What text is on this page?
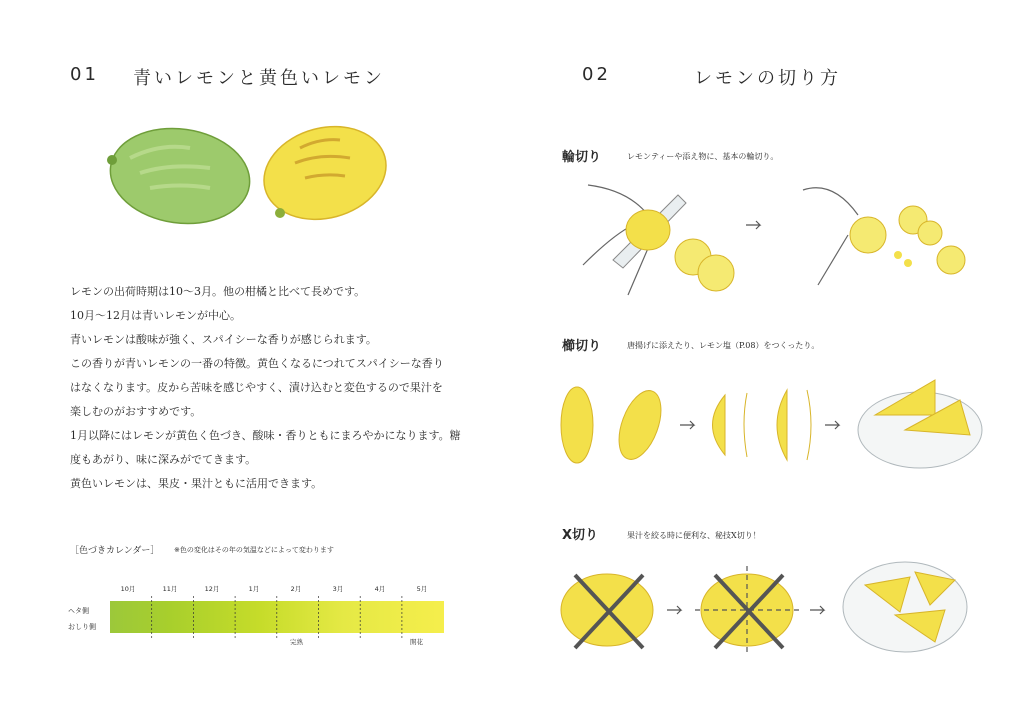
01 青いレモンと黄色いレモン
レモンの出荷時期は10〜3月。他の柑橘と比べて長めです。
10月〜12月は青いレモンが中心。
青いレモンは酸味が強く、スパイシーな香りが感じられます。
この香りが青いレモンの一番の特徴。黄色くなるにつれてスパイシーな香り
はなくなります。皮から苦味を感じやすく、漬け込むと変色するので果汁を
楽しむのがおすすめです。
1月以降にはレモンが黄色く色づき、酸味・香りともにまろやかになります。糖
度もあがり、味に深みがでてきます。
黄色いレモンは、果皮・果汁ともに活用できます。
［色づきカレンダー］ ※色の変化はその年の気温などによって変わります
10月	11月	12月	1月	2月	3月	4月	5月
ヘタ側
おしり側
完熟	開花
02	レモンの切り方
輪切り	レモンティーや添え物に、基本の輪切り。
櫛切り	唐揚げに添えたり、レモン塩（P.08）をつくったり。
X切り	果汁を絞る時に便利な、秘技X切り！
